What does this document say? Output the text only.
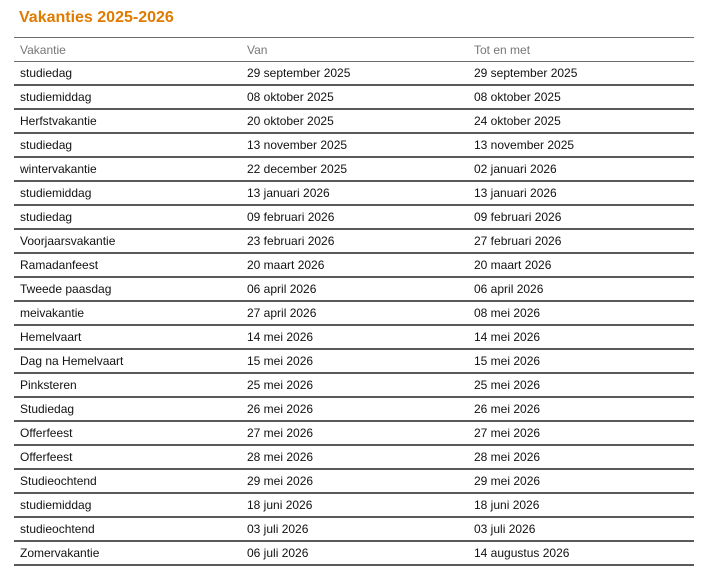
Vakanties 2025-2026
Vakantie	Van	Tot en met
studiedag	29 september 2025	29 september 2025
studiemiddag	08 oktober 2025	08 oktober 2025
Herfstvakantie	20 oktober 2025	24 oktober 2025
studiedag	13 november 2025	13 november 2025
wintervakantie	22 december 2025	02 januari 2026
studiemiddag	13 januari 2026	13 januari 2026
studiedag	09 februari 2026	09 februari 2026
Voorjaarsvakantie	23 februari 2026	27 februari 2026
Ramadanfeest	20 maart 2026	20 maart 2026
Tweede paasdag	06 april 2026	06 april 2026
meivakantie	27 april 2026	08 mei 2026
Hemelvaart	14 mei 2026	14 mei 2026
Dag na Hemelvaart	15 mei 2026	15 mei 2026
Pinksteren	25 mei 2026	25 mei 2026
Studiedag	26 mei 2026	26 mei 2026
Offerfeest	27 mei 2026	27 mei 2026
Offerfeest	28 mei 2026	28 mei 2026
Studieochtend	29 mei 2026	29 mei 2026
studiemiddag	18 juni 2026	18 juni 2026
studieochtend	03 juli 2026	03 juli 2026
Zomervakantie	06 juli 2026	14 augustus 2026
